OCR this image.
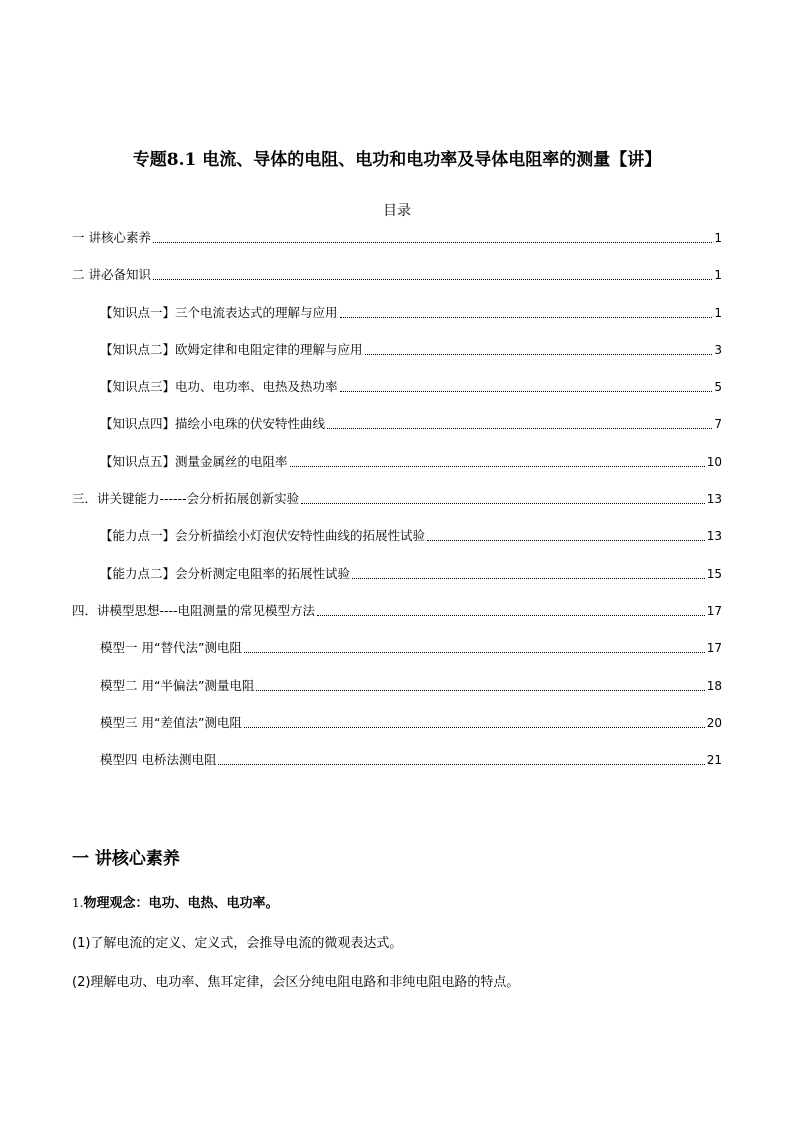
专题8.1 电流、导体的电阻、电功和电功率及导体电阻率的测量【讲】
目录
一 讲核心素养	1
二 讲必备知识	1
【知识点一】三个电流表达式的理解与应用	1
【知识点二】欧姆定律和电阻定律的理解与应用	3
【知识点三】电功、电功率、电热及热功率	5
【知识点四】描绘小电珠的伏安特性曲线	7
【知识点五】测量金属丝的电阻率	10
三．讲关键能力------会分析拓展创新实验	13
【能力点一】会分析描绘小灯泡伏安特性曲线的拓展性试验	13
【能力点二】会分析测定电阻率的拓展性试验	15
四．讲模型思想----电阻测量的常见模型方法	17
模型一 用“替代法”测电阻	17
模型二 用“半偏法”测量电阻	18
模型三 用“差值法”测电阻	20
模型四 电桥法测电阻	21
一 讲核心素养
1.物理观念：电功、电热、电功率。
(1)了解电流的定义、定义式，会推导电流的微观表达式。
(2)理解电功、电功率、焦耳定律，会区分纯电阻电路和非纯电阻电路的特点。
